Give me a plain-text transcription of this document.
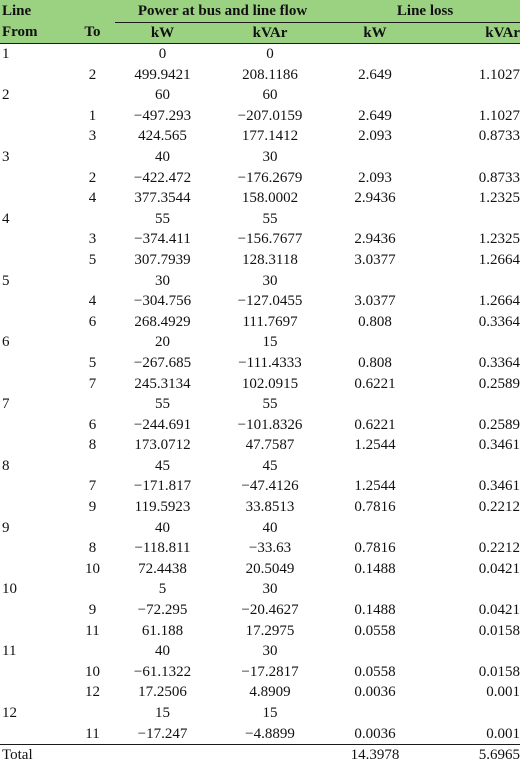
Line		Power at bus and line flow		Line loss	
From	To	kW	kVAr	kW	kVAr
1		0	0		
	2	499.9421	208.1186	2.649	1.1027
2		60	60		
	1	−497.293	−207.0159	2.649	1.1027
	3	424.565	177.1412	2.093	0.8733
3		40	30		
	2	−422.472	−176.2679	2.093	0.8733
	4	377.3544	158.0002	2.9436	1.2325
4		55	55		
	3	−374.411	−156.7677	2.9436	1.2325
	5	307.7939	128.3118	3.0377	1.2664
5		30	30		
	4	−304.756	−127.0455	3.0377	1.2664
	6	268.4929	111.7697	0.808	0.3364
6		20	15		
	5	−267.685	−111.4333	0.808	0.3364
	7	245.3134	102.0915	0.6221	0.2589
7		55	55		
	6	−244.691	−101.8326	0.6221	0.2589
	8	173.0712	47.7587	1.2544	0.3461
8		45	45		
	7	−171.817	−47.4126	1.2544	0.3461
	9	119.5923	33.8513	0.7816	0.2212
9		40	40		
	8	−118.811	−33.63	0.7816	0.2212
	10	72.4438	20.5049	0.1488	0.0421
10		5	30		
	9	−72.295	−20.4627	0.1488	0.0421
	11	61.188	17.2975	0.0558	0.0158
11		40	30		
	10	−61.1322	−17.2817	0.0558	0.0158
	12	17.2506	4.8909	0.0036	0.001
12		15	15		
	11	−17.247	−4.8899	0.0036	0.001
Total				14.3978	5.6965
